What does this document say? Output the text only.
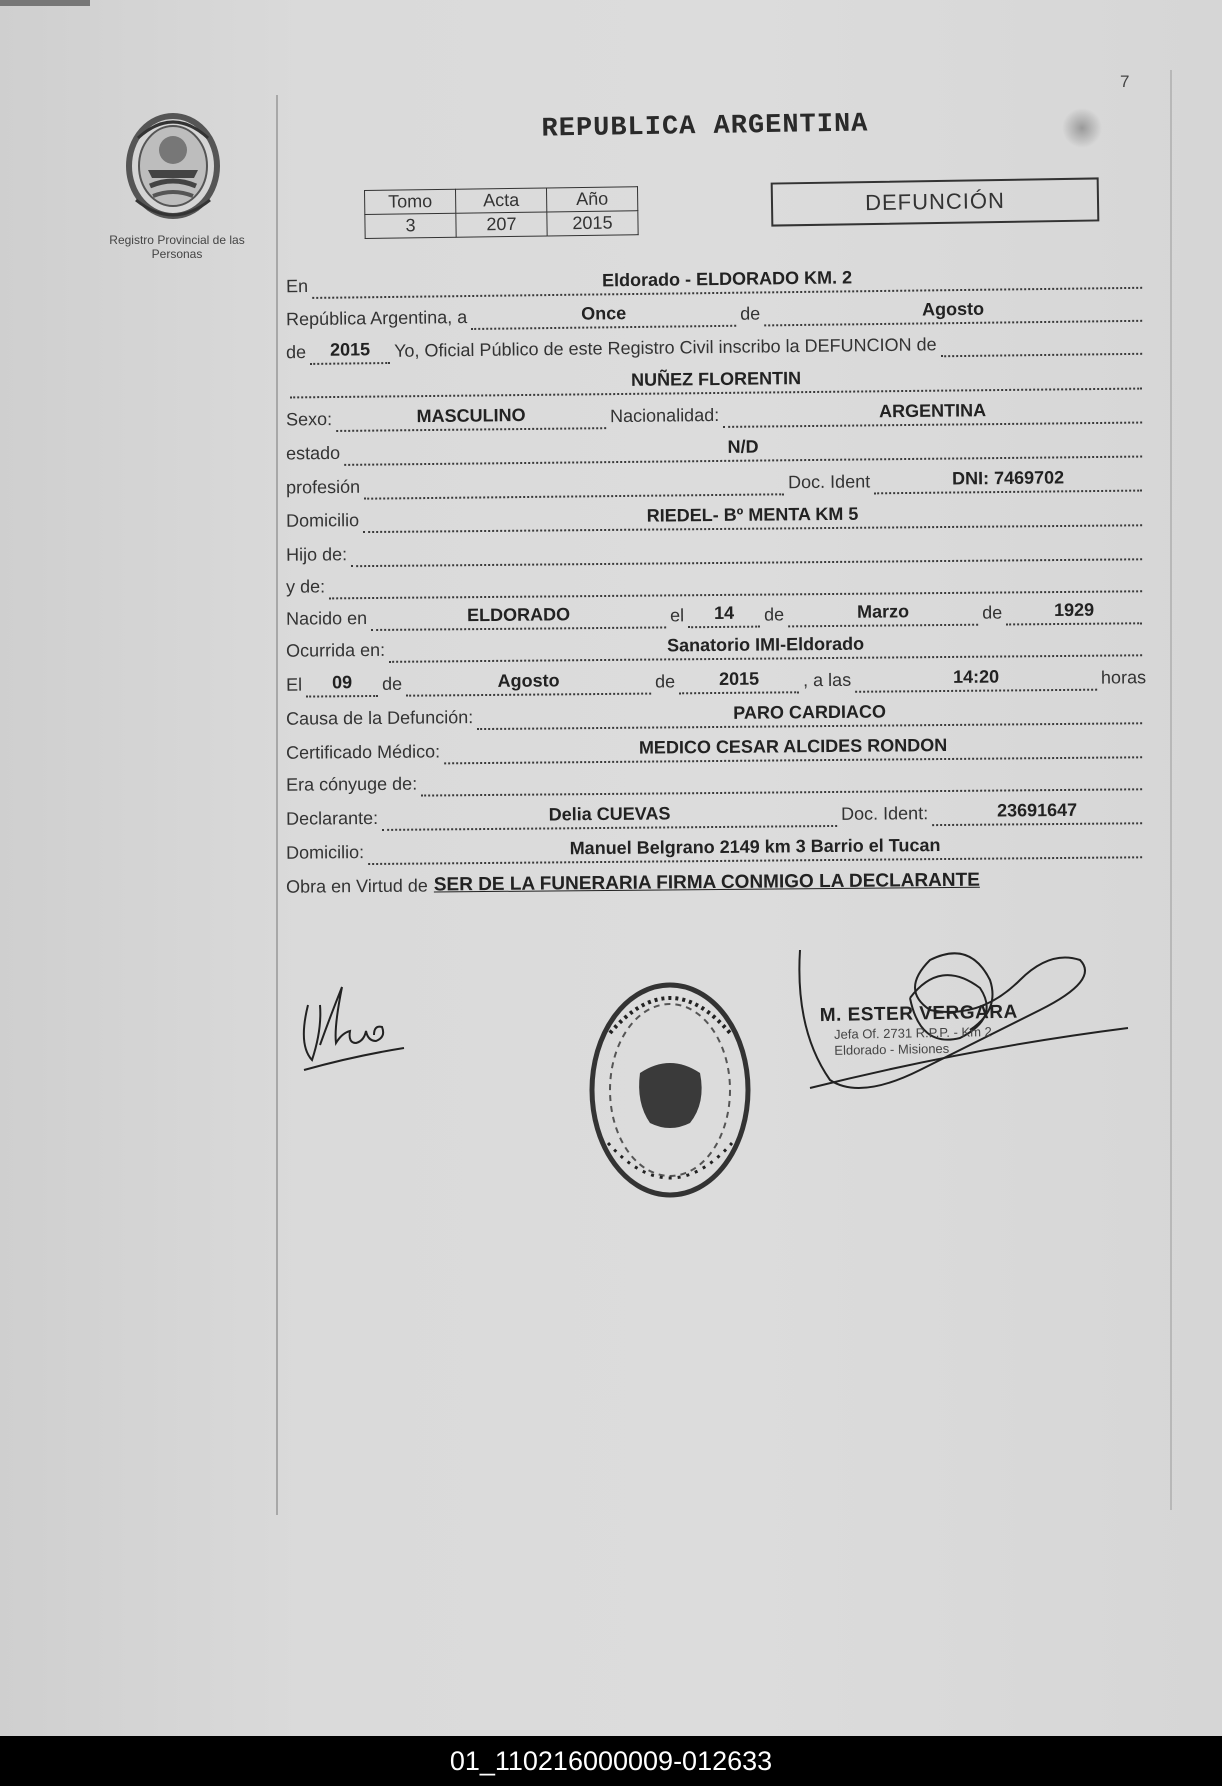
7
Registro Provincial de las Personas
REPUBLICA ARGENTINA
Tomo	Acta	Año
3	207	2015
DEFUNCIÓN
En	Eldorado - ELDORADO KM. 2
República Argentina, a	Once	de	Agosto
de	2015	Yo, Oficial Público de este Registro Civil inscribo la DEFUNCION de
NUÑEZ FLORENTIN
Sexo:	MASCULINO	Nacionalidad:	ARGENTINA
estado	N/D
profesión	Doc. Ident	DNI: 7469702
Domicilio	RIEDEL- Bº MENTA KM 5
Hijo de:
y de:
Nacido en	ELDORADO	el	14	de	Marzo	de	1929
Ocurrida en:	Sanatorio IMI-Eldorado
El	09	de	Agosto	de	2015	, a las	14:20	horas
Causa de la Defunción:	PARO CARDIACO
Certificado Médico:	MEDICO CESAR ALCIDES RONDON
Era cónyuge de:
Declarante:	Delia CUEVAS	Doc. Ident:	23691647
Domicilio:	Manuel Belgrano 2149 km 3 Barrio el Tucan
Obra en Virtud de SER DE LA FUNERARIA FIRMA CONMIGO LA DECLARANTE
M. ESTER VERGARA
Jefa Of. 2731 R.P.P. - Km 2
Eldorado - Misiones
01_110216000009-012633
